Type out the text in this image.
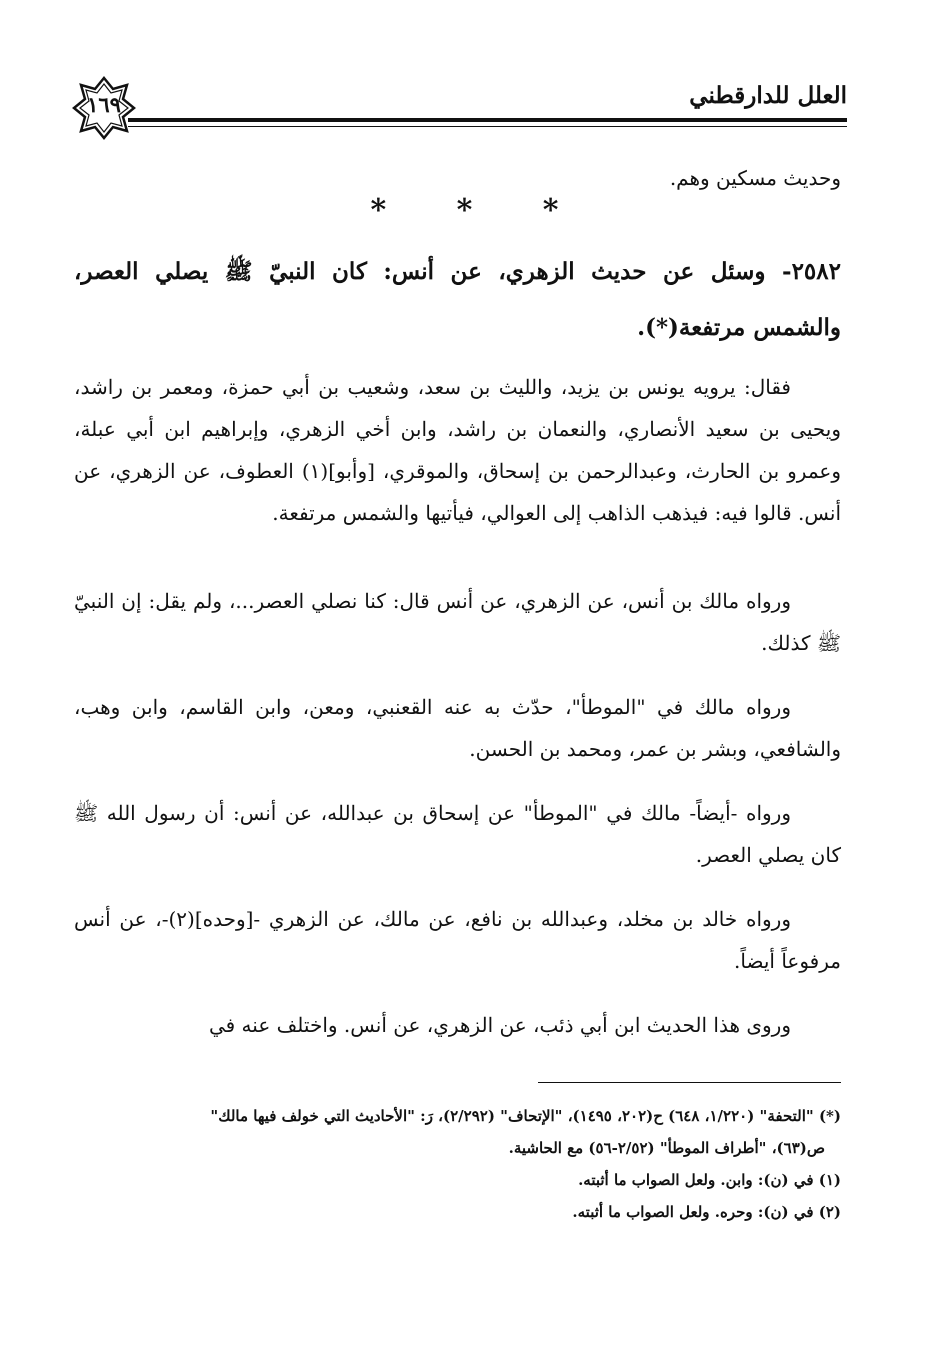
العلل للدارقطني
١٦٩

وحديث مسكين وهم.

* * *

٢٥٨٢- وسئل عن حديث الزهري، عن أنس: كان النبيّ ﷺ يصلي العصر، والشمس مرتفعة(*).

فقال: يرويه يونس بن يزيد، والليث بن سعد، وشعيب بن أبي حمزة، ومعمر بن راشد، ويحيى بن سعيد الأنصاري، والنعمان بن راشد، وابن أخي الزهري، وإبراهيم ابن أبي عبلة، وعمرو بن الحارث، وعبدالرحمن بن إسحاق، والموقري، [وأبو](١) العطوف، عن الزهري، عن أنس. قالوا فيه: فيذهب الذاهب إلى العوالي، فيأتيها والشمس مرتفعة.

ورواه مالك بن أنس، عن الزهري، عن أنس قال: كنا نصلي العصر...، ولم يقل: إن النبيّ ﷺ كذلك.

ورواه مالك في "الموطأ"، حدّث به عنه القعنبي، ومعن، وابن القاسم، وابن وهب، والشافعي، وبشر بن عمر، ومحمد بن الحسن.

ورواه -أيضاً- مالك في "الموطأ" عن إسحاق بن عبدالله، عن أنس: أن رسول الله ﷺ كان يصلي العصر.

ورواه خالد بن مخلد، وعبدالله بن نافع، عن مالك، عن الزهري -[وحده](٢)-، عن أنس مرفوعاً أيضاً.

وروى هذا الحديث ابن أبي ذئب، عن الزهري، عن أنس. واختلف عنه في

(*) "التحفة" (١/٢٢٠، ٦٤٨) ح(٢٠٢، ١٤٩٥)، "الإتحاف" (٢/٢٩٢)، رَ: "الأحاديث التي خولف فيها مالك"

ص(٦٣)، "أطراف الموطأ" (٢/٥٢-٥٦) مع الحاشية.

(١) في (ن): وابن. ولعل الصواب ما أثبته.

(٢) في (ن): وحره. ولعل الصواب ما أثبته.
